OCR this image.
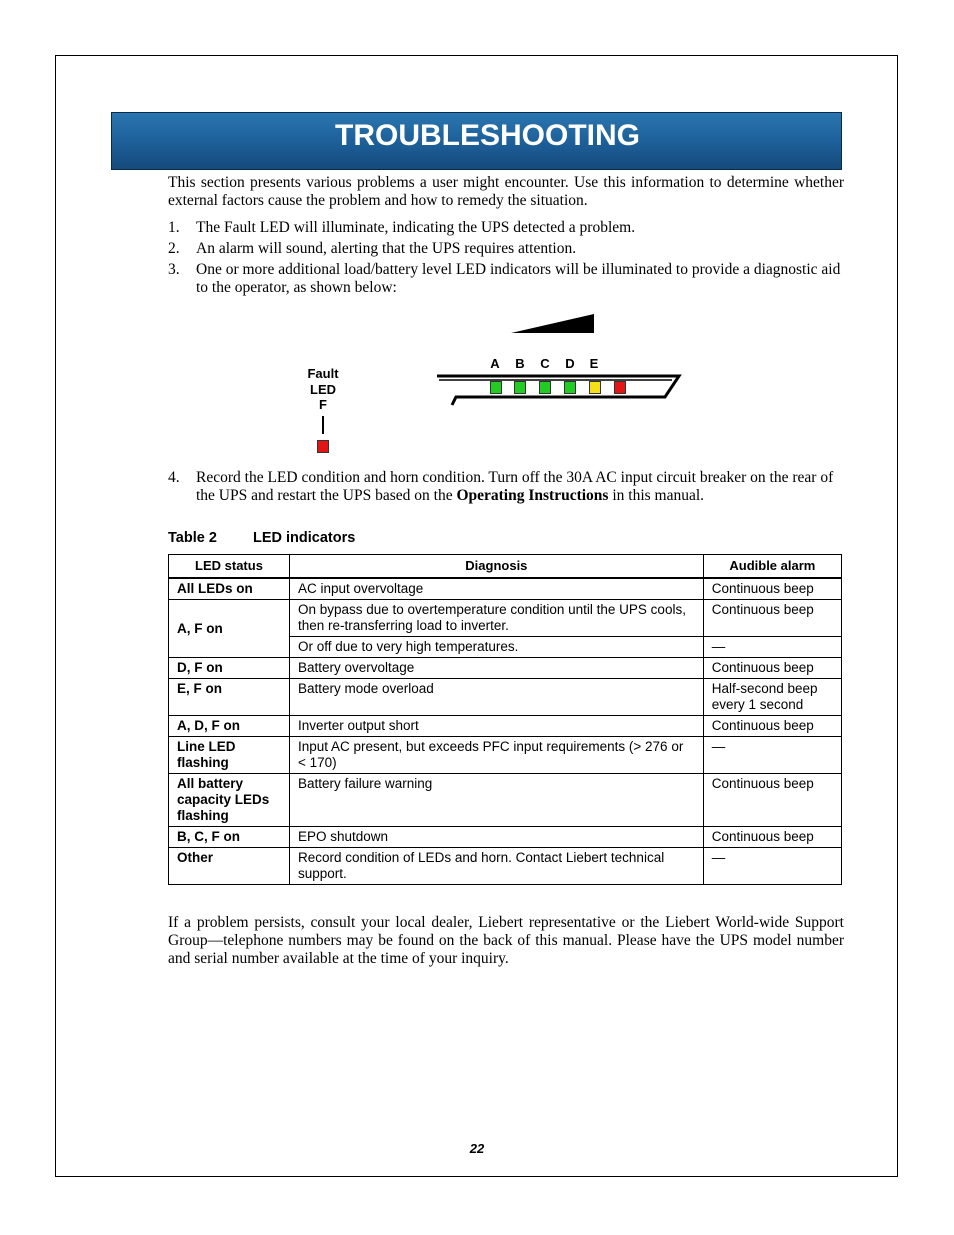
TROUBLESHOOTING
This section presents various problems a user might encounter. Use this information to determine whether external factors cause the problem and how to remedy the situation.
1. The Fault LED will illuminate, indicating the UPS detected a problem.
2. An alarm will sound, alerting that the UPS requires attention.
3. One or more additional load/battery level LED indicators will be illuminated to provide a diagnostic aid to the operator, as shown below:
Fault
LED
F
A B C D E
4. Record the LED condition and horn condition. Turn off the 30A AC input circuit breaker on the rear of the UPS and restart the UPS based on the Operating Instructions in this manual.
Table 2 LED indicators
LED status	Diagnosis	Audible alarm
All LEDs on	AC input overvoltage	Continuous beep
A, F on	On bypass due to overtemperature condition until the UPS cools, then re-transferring load to inverter.	Continuous beep
	Or off due to very high temperatures.	—
D, F on	Battery overvoltage	Continuous beep
E, F on	Battery mode overload	Half-second beep every 1 second
A, D, F on	Inverter output short	Continuous beep
Line LED flashing	Input AC present, but exceeds PFC input requirements (> 276 or < 170)	—
All battery capacity LEDs flashing	Battery failure warning	Continuous beep
B, C, F on	EPO shutdown	Continuous beep
Other	Record condition of LEDs and horn. Contact Liebert technical support.	—
If a problem persists, consult your local dealer, Liebert representative or the Liebert World-wide Support Group—telephone numbers may be found on the back of this manual. Please have the UPS model number and serial number available at the time of your inquiry.
22
